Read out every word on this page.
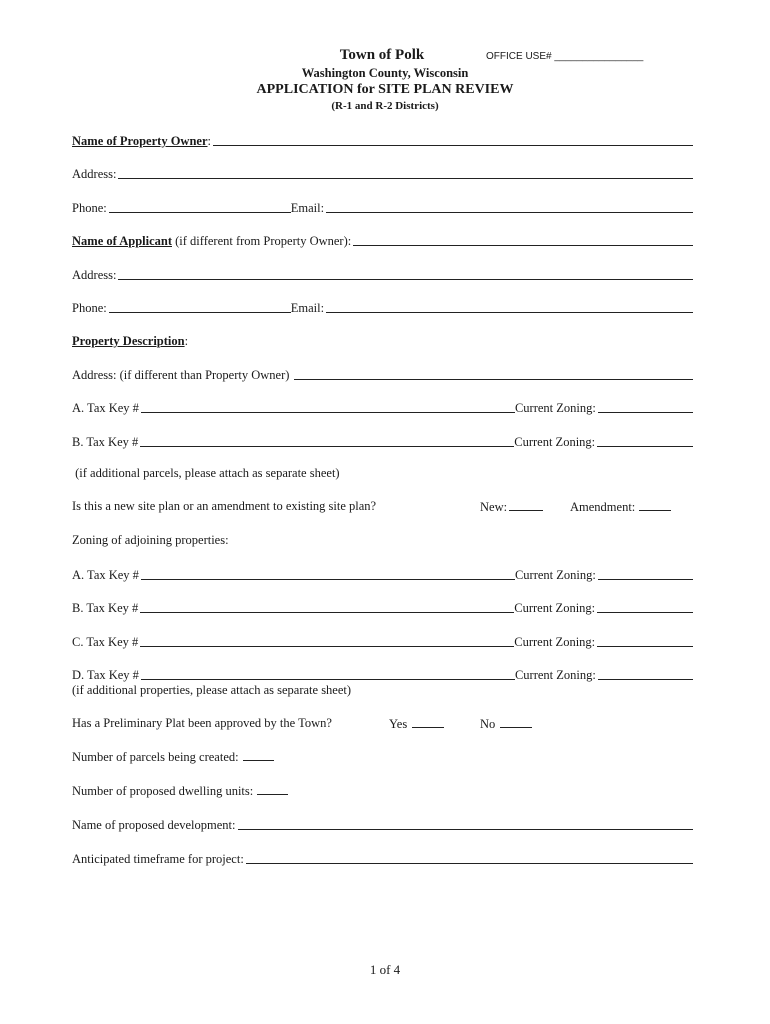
Town of Polk	OFFICE USE# ________________
Washington County, Wisconsin
APPLICATION for SITE PLAN REVIEW
(R-1 and R-2 Districts)
Name of Property Owner :
Address:
Phone:	Email:
Name of Applicant (if different from Property Owner):
Address:
Phone:	Email:
Property Description :
Address: (if different than Property Owner)
A. Tax Key #	Current Zoning:
B. Tax Key #	Current Zoning:
(if additional parcels, please attach as separate sheet)
Is this a new site plan or an amendment to existing site plan?	New:	Amendment:
Zoning of adjoining properties:
A. Tax Key #	Current Zoning:
B. Tax Key #	Current Zoning:
C. Tax Key #	Current Zoning:
D. Tax Key #	Current Zoning:
(if additional properties, please attach as separate sheet)
Has a Preliminary Plat been approved by the Town?	Yes	No
Number of parcels being created:
Number of proposed dwelling units:
Name of proposed development:
Anticipated timeframe for project:
1 of 4
